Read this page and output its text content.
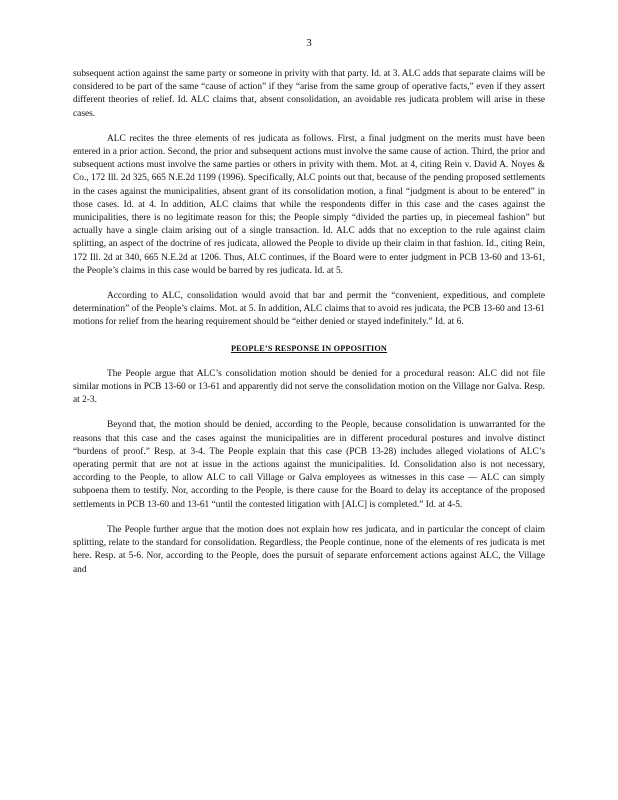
3

subsequent action against the same party or someone in privity with that party. Id. at 3. ALC adds that separate claims will be considered to be part of the same “cause of action” if they “arise from the same group of operative facts,” even if they assert different theories of relief. Id. ALC claims that, absent consolidation, an avoidable res judicata problem will arise in these cases.

ALC recites the three elements of res judicata as follows. First, a final judgment on the merits must have been entered in a prior action. Second, the prior and subsequent actions must involve the same cause of action. Third, the prior and subsequent actions must involve the same parties or others in privity with them. Mot. at 4, citing Rein v. David A. Noyes & Co., 172 Ill. 2d 325, 665 N.E.2d 1199 (1996). Specifically, ALC points out that, because of the pending proposed settlements in the cases against the municipalities, absent grant of its consolidation motion, a final “judgment is about to be entered” in those cases. Id. at 4. In addition, ALC claims that while the respondents differ in this case and the cases against the municipalities, there is no legitimate reason for this; the People simply “divided the parties up, in piecemeal fashion” but actually have a single claim arising out of a single transaction. Id. ALC adds that no exception to the rule against claim splitting, an aspect of the doctrine of res judicata, allowed the People to divide up their claim in that fashion. Id., citing Rein, 172 Ill. 2d at 340, 665 N.E.2d at 1206. Thus, ALC continues, if the Board were to enter judgment in PCB 13-60 and 13-61, the People’s claims in this case would be barred by res judicata. Id. at 5.

According to ALC, consolidation would avoid that bar and permit the “convenient, expeditious, and complete determination” of the People’s claims. Mot. at 5. In addition, ALC claims that to avoid res judicata, the PCB 13-60 and 13-61 motions for relief from the hearing requirement should be “either denied or stayed indefinitely.” Id. at 6.

PEOPLE’S RESPONSE IN OPPOSITION

The People argue that ALC’s consolidation motion should be denied for a procedural reason: ALC did not file similar motions in PCB 13-60 or 13-61 and apparently did not serve the consolidation motion on the Village nor Galva. Resp. at 2-3.

Beyond that, the motion should be denied, according to the People, because consolidation is unwarranted for the reasons that this case and the cases against the municipalities are in different procedural postures and involve distinct “burdens of proof.” Resp. at 3-4. The People explain that this case (PCB 13-28) includes alleged violations of ALC’s operating permit that are not at issue in the actions against the municipalities. Id. Consolidation also is not necessary, according to the People, to allow ALC to call Village or Galva employees as witnesses in this case — ALC can simply subpoena them to testify. Nor, according to the People, is there cause for the Board to delay its acceptance of the proposed settlements in PCB 13-60 and 13-61 “until the contested litigation with [ALC] is completed.” Id. at 4-5.

The People further argue that the motion does not explain how res judicata, and in particular the concept of claim splitting, relate to the standard for consolidation. Regardless, the People continue, none of the elements of res judicata is met here. Resp. at 5-6. Nor, according to the People, does the pursuit of separate enforcement actions against ALC, the Village and
